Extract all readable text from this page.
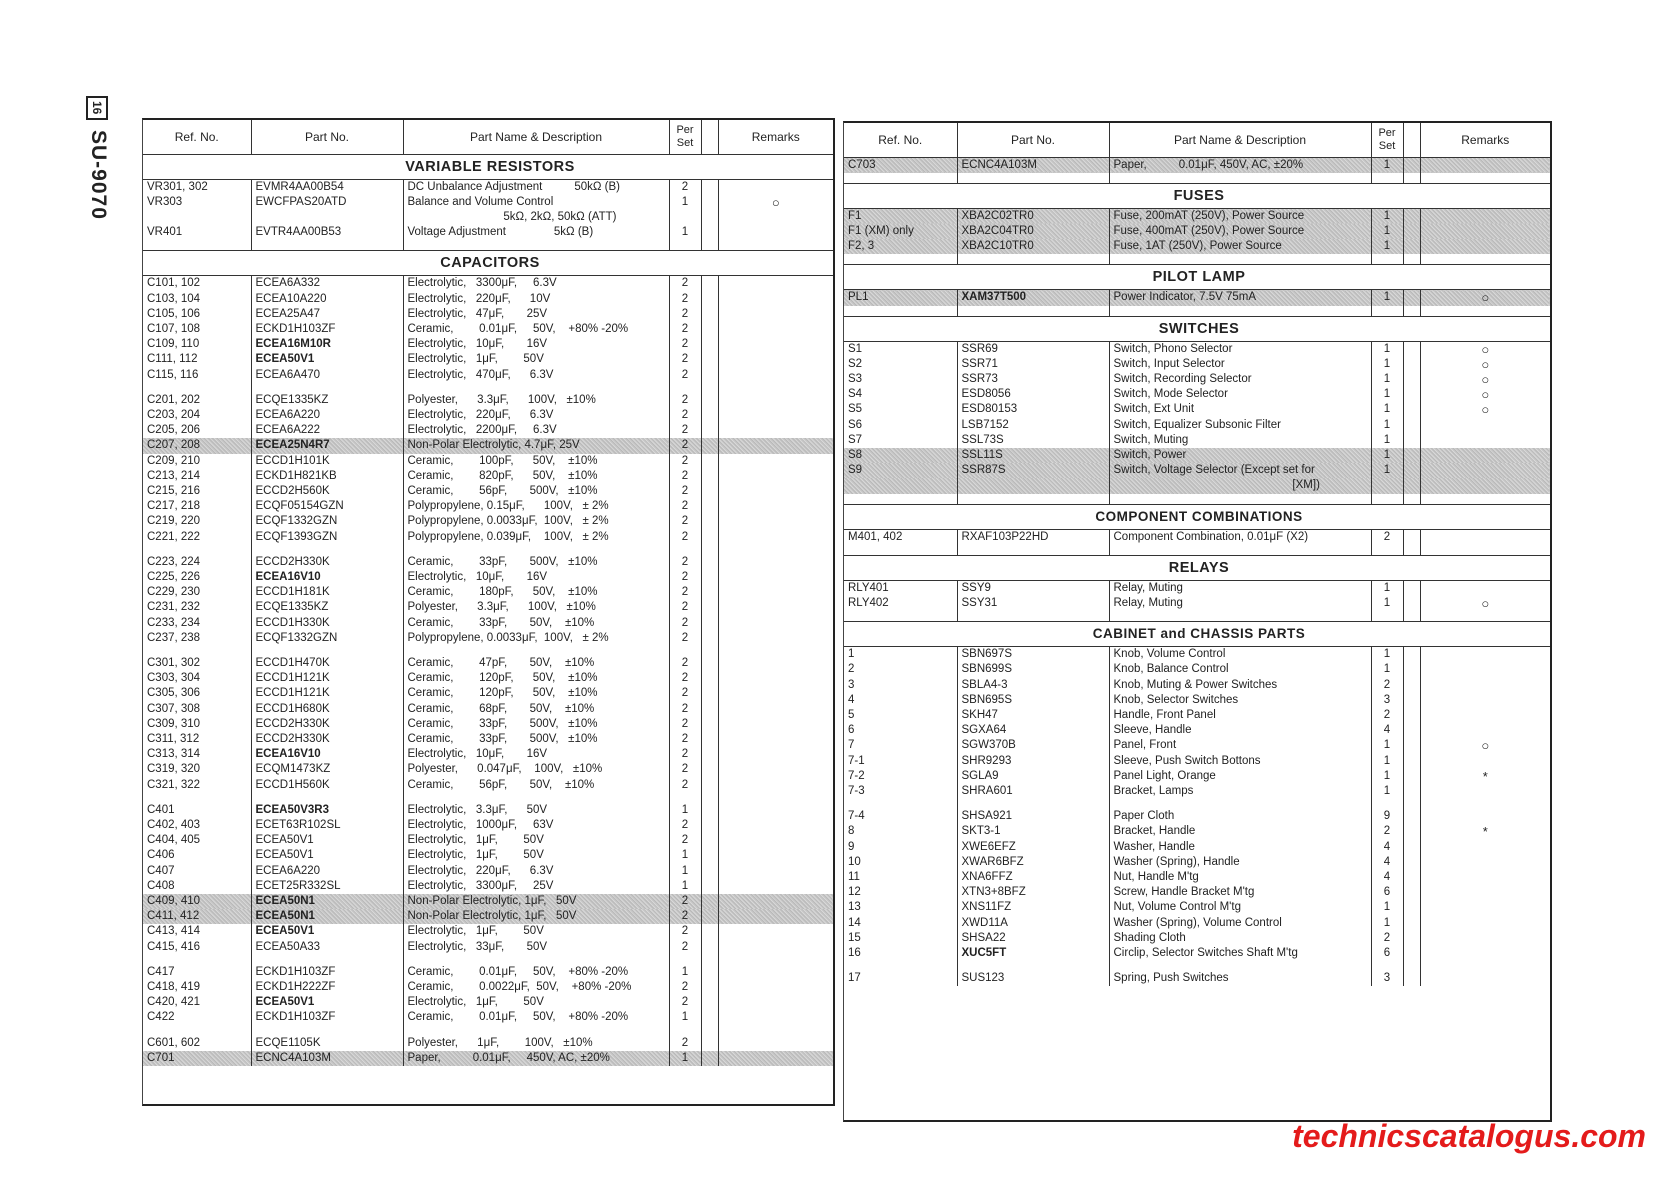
16
SU-9070	Ref. No.	Part No.	Part Name & Description	Per
Set		Remarks
VARIABLE RESISTORS					
VR301, 302	EVMR4AA00B54	DC Unbalance Adjustment          50kΩ (B)	2		
VR303	EWCFPAS20ATD	Balance and Volume Control	1		○
		5kΩ, 2kΩ, 50kΩ (ATT)			
VR401	EVTR4AA00B53	Voltage Adjustment               5kΩ (B)	1		

CAPACITORS					
C101, 102	ECEA6A332	Electrolytic,   3300μF,     6.3V	2		
C103, 104	ECEA10A220	Electrolytic,   220μF,      10V	2		
C105, 106	ECEA25A47	Electrolytic,   47μF,       25V	2		
C107, 108	ECKD1H103ZF	Ceramic,        0.01μF,     50V,    +80% -20%	2		
C109, 110	ECEA16M10R	Electrolytic,   10μF,       16V	2		
C111, 112	ECEA50V1	Electrolytic,   1μF,        50V	2		
C115, 116	ECEA6A470	Electrolytic,   470μF,      6.3V	2		

C201, 202	ECQE1335KZ	Polyester,      3.3μF,      100V,   ±10%	2		
C203, 204	ECEA6A220	Electrolytic,   220μF,      6.3V	2		
C205, 206	ECEA6A222	Electrolytic,   2200μF,     6.3V	2		
C207, 208	ECEA25N4R7	Non-Polar Electrolytic, 4.7μF, 25V	2		
C209, 210	ECCD1H101K	Ceramic,        100pF,      50V,    ±10%	2		
C213, 214	ECKD1H821KB	Ceramic,        820pF,      50V,    ±10%	2		
C215, 216	ECCD2H560K	Ceramic,        56pF,       500V,   ±10%	2		
C217, 218	ECQF05154GZN	Polypropylene, 0.15μF,      100V,   ± 2%	2		
C219, 220	ECQF1332GZN	Polypropylene, 0.0033μF,  100V,   ± 2%	2		
C221, 222	ECQF1393GZN	Polypropylene, 0.039μF,    100V,   ± 2%	2		

C223, 224	ECCD2H330K	Ceramic,        33pF,       500V,   ±10%	2		
C225, 226	ECEA16V10	Electrolytic,   10μF,       16V	2		
C229, 230	ECCD1H181K	Ceramic,        180pF,      50V,    ±10%	2		
C231, 232	ECQE1335KZ	Polyester,      3.3μF,      100V,   ±10%	2		
C233, 234	ECCD1H330K	Ceramic,        33pF,       50V,    ±10%	2		
C237, 238	ECQF1332GZN	Polypropylene, 0.0033μF,  100V,   ± 2%	2		

C301, 302	ECCD1H470K	Ceramic,        47pF,       50V,    ±10%	2		
C303, 304	ECCD1H121K	Ceramic,        120pF,      50V,    ±10%	2		
C305, 306	ECCD1H121K	Ceramic,        120pF,      50V,    ±10%	2		
C307, 308	ECCD1H680K	Ceramic,        68pF,       50V,    ±10%	2		
C309, 310	ECCD2H330K	Ceramic,        33pF,       500V,   ±10%	2		
C311, 312	ECCD2H330K	Ceramic,        33pF,       500V,   ±10%	2		
C313, 314	ECEA16V10	Electrolytic,   10μF,       16V	2		
C319, 320	ECQM1473KZ	Polyester,      0.047μF,    100V,   ±10%	2		
C321, 322	ECCD1H560K	Ceramic,        56pF,       50V,    ±10%	2		

C401	ECEA50V3R3	Electrolytic,   3.3μF,      50V	1		
C402, 403	ECET63R102SL	Electrolytic,   1000μF,     63V	2		
C404, 405	ECEA50V1	Electrolytic,   1μF,        50V	2		
C406	ECEA50V1	Electrolytic,   1μF,        50V	1		
C407	ECEA6A220	Electrolytic,   220μF,      6.3V	1		
C408	ECET25R332SL	Electrolytic,   3300μF,     25V	1		
C409, 410	ECEA50N1	Non-Polar Electrolytic, 1μF,   50V	2		
C411, 412	ECEA50N1	Non-Polar Electrolytic, 1μF,   50V	2		
C413, 414	ECEA50V1	Electrolytic,   1μF,        50V	2		
C415, 416	ECEA50A33	Electrolytic,   33μF,       50V	2		

C417	ECKD1H103ZF	Ceramic,        0.01μF,     50V,    +80% -20%	1		
C418, 419	ECKD1H222ZF	Ceramic,        0.0022μF,  50V,    +80% -20%	2		
C420, 421	ECEA50V1	Electrolytic,   1μF,        50V	2		
C422	ECKD1H103ZF	Ceramic,        0.01μF,     50V,    +80% -20%	1		

C601, 602	ECQE1105K	Polyester,      1μF,        100V,   ±10%	2		
C701	ECNC4A103M	Paper,          0.01μF,     450V, AC, ±20%	1		

Ref. No.	Part No.	Part Name & Description	Per
Set		Remarks
C703	ECNC4A103M	Paper,          0.01μF, 450V, AC, ±20%	1		

FUSES					
F1	XBA2C02TR0	Fuse, 200mAT (250V), Power Source	1		
F1 (XM) only	XBA2C04TR0	Fuse, 400mAT (250V), Power Source	1		
F2, 3	XBA2C10TR0	Fuse, 1AT (250V), Power Source	1		

PILOT LAMP					
PL1	XAM37T500	Power Indicator, 7.5V 75mA	1		○

SWITCHES					
S1	SSR69	Switch, Phono Selector	1		○
S2	SSR71	Switch, Input Selector	1		○
S3	SSR73	Switch, Recording Selector	1		○
S4	ESD8056	Switch, Mode Selector	1		○
S5	ESD80153	Switch, Ext Unit	1		○
S6	LSB7152	Switch, Equalizer Subsonic Filter	1		
S7	SSL73S	Switch, Muting	1		
S8	SSL11S	Switch, Power	1		
S9	SSR87S	Switch, Voltage Selector (Except set for	1		
		[XM])			

COMPONENT COMBINATIONS					
M401, 402	RXAF103P22HD	Component Combination, 0.01μF (X2)	2		

RELAYS					
RLY401	SSY9	Relay, Muting	1		
RLY402	SSY31	Relay, Muting	1		○

CABINET and CHASSIS PARTS					
1	SBN697S	Knob, Volume Control	1		
2	SBN699S	Knob, Balance Control	1		
3	SBLA4-3	Knob, Muting & Power Switches	2		
4	SBN695S	Knob, Selector Switches	3		
5	SKH47	Handle, Front Panel	2		
6	SGXA64	Sleeve, Handle	4		
7	SGW370B	Panel, Front	1		○
7-1	SHR9293	Sleeve, Push Switch Bottons	1		
7-2	SGLA9	Panel Light, Orange	1		*
7-3	SHRA601	Bracket, Lamps	1		

7-4	SHSA921	Paper Cloth	9		
8	SKT3-1	Bracket, Handle	2		*
9	XWE6EFZ	Washer, Handle	4		
10	XWAR6BFZ	Washer (Spring), Handle	4		
11	XNA6FFZ	Nut, Handle M'tg	4		
12	XTN3+8BFZ	Screw, Handle Bracket M'tg	6		
13	XNS11FZ	Nut, Volume Control M'tg	1		
14	XWD11A	Washer (Spring), Volume Control	1		
15	SHSA22	Shading Cloth	2		
16	XUC5FT	Circlip, Selector Switches Shaft M'tg	6		

17	SUS123	Spring, Push Switches	3		

technicscatalogus.com
